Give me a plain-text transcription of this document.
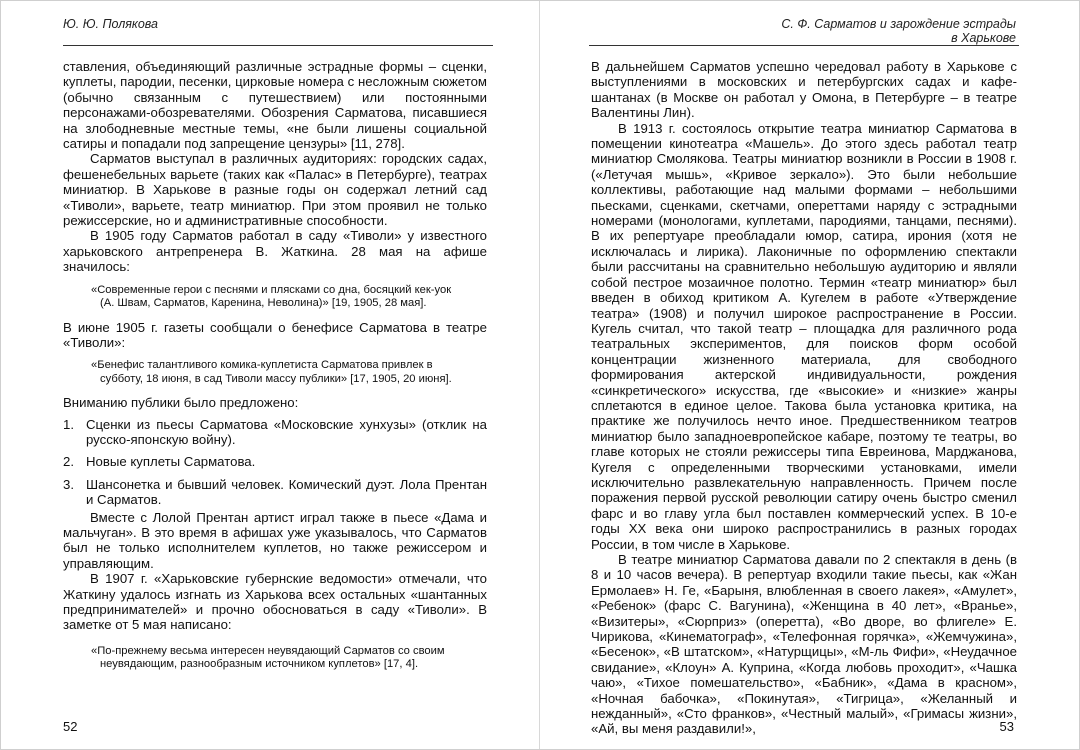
Ю. Ю. Полякова

ставления, объединяющий различные эстрадные формы – сценки, куплеты, пародии, песенки, цирковые номера с несложным сюжетом (обычно связанным с путешествием) или постоянными персонажами-обозревателями. Обозрения Сарматова, писавшиеся на злободневные местные темы, «не были лишены социальной сатиры и попадали под запрещение цензуры» [11, 278].

Сарматов выступал в различных аудиториях: городских садах, фешенебельных варьете (таких как «Палас» в Петербурге), театрах миниатюр. В Харькове в разные годы он содержал летний сад «Тиволи», варьете, театр миниатюр. При этом проявил не только режиссерские, но и административные способности.

В 1905 году Сарматов работал в саду «Тиволи» у известного харьковского антрепренера В. Жаткина. 28 мая на афише значилось:

«Современные герои с песнями и плясками со дна, босяцкий кек-уок
(А. Швам, Сарматов, Каренина, Неволина)» [19, 1905, 28 мая].

В июне 1905 г. газеты сообщали о бенефисе Сарматова в театре «Тиволи»:

«Бенефис талантливого комика-куплетиста Сарматова привлек в
субботу, 18 июня, в сад Тиволи массу публики» [17, 1905, 20 июня].

Вниманию публики было предложено:

1. Сценки из пьесы Сарматова «Московские хунхузы» (отклик на русско-японскую войну).
2. Новые куплеты Сарматова.
3. Шансонетка и бывший человек. Комический дуэт. Лола Прентан и Сарматов.

Вместе с Лолой Прентан артист играл также в пьесе «Дама и мальчуган». В это время в афишах уже указывалось, что Сарматов был не только исполнителем куплетов, но также режиссером и управляющим.

В 1907 г. «Харьковские губернские ведомости» отмечали, что Жаткину удалось изгнать из Харькова всех остальных «шантанных предпринимателей» и прочно обосноваться в саду «Тиволи». В заметке от 5 мая написано:

«По-прежнему весьма интересен неувядающий Сарматов со своим
неувядающим, разнообразным источником куплетов» [17, 4].
52
С. Ф. Сарматов и зарождение эстрады
в Харькове

В дальнейшем Сарматов успешно чередовал работу в Харькове с выступлениями в московских и петербургских садах и кафе-шантанах (в Москве он работал у Омона, в Петербурге – в театре Валентины Лин).

В 1913 г. состоялось открытие театра миниатюр Сарматова в помещении кинотеатра «Машель». До этого здесь работал театр миниатюр Смолякова. Театры миниатюр возникли в России в 1908 г. («Летучая мышь», «Кривое зеркало»). Это были небольшие коллективы, работающие над малыми формами – небольшими пьесками, сценками, скетчами, опереттами наряду с эстрадными номерами (монологами, куплетами, пародиями, танцами, песнями). В их репертуаре преобладали юмор, сатира, ирония (хотя не исключалась и лирика). Лаконичные по оформлению спектакли были рассчитаны на сравнительно небольшую аудиторию и являли собой пестрое мозаичное полотно. Термин «театр миниатюр» был введен в обиход критиком А. Кугелем в работе «Утверждение театра» (1908) и получил широкое распространение в России. Кугель считал, что такой театр – площадка для различного рода театральных экспериментов, для поисков форм особой концентрации жизненного материала, для свободного формирования актерской индивидуальности, рождения «синкретического» искусства, где «высокие» и «низкие» жанры сплетаются в единое целое. Такова была установка критика, на практике же получилось нечто иное. Предшественником театров миниатюр было западноевропейское кабаре, поэтому те театры, во главе которых не стояли режиссеры типа Евреинова, Марджанова, Кугеля с определенными творческими установками, имели исключительно развлекательную направленность. Причем после поражения первой русской революции сатиру очень быстро сменил фарс и во главу угла был поставлен коммерческий успех. В 10-е годы XX века они широко распространились в разных городах России, в том числе в Харькове.

В театре миниатюр Сарматова давали по 2 спектакля в день (в 8 и 10 часов вечера). В репертуар входили такие пьесы, как «Жан Ермолаев» Н. Ге, «Барыня, влюбленная в своего лакея», «Амулет», «Ребенок» (фарс С. Вагунина), «Женщина в 40 лет», «Вранье», «Визитеры», «Сюрприз» (оперетта), «Во дворе, во флигеле» Е. Чирикова, «Кинематограф», «Телефонная горячка», «Жемчужина», «Бесенок», «В штатском», «Натурщицы», «М-ль Фифи», «Неудачное свидание», «Клоун» А. Куприна, «Когда любовь проходит», «Чашка чаю», «Тихое помешательство», «Бабник», «Дама в красном», «Ночная бабочка», «Покинутая», «Тигрица», «Желанный и нежданный», «Сто франков», «Честный малый», «Гримасы жизни», «Ай, вы меня раздавили!»,	53
